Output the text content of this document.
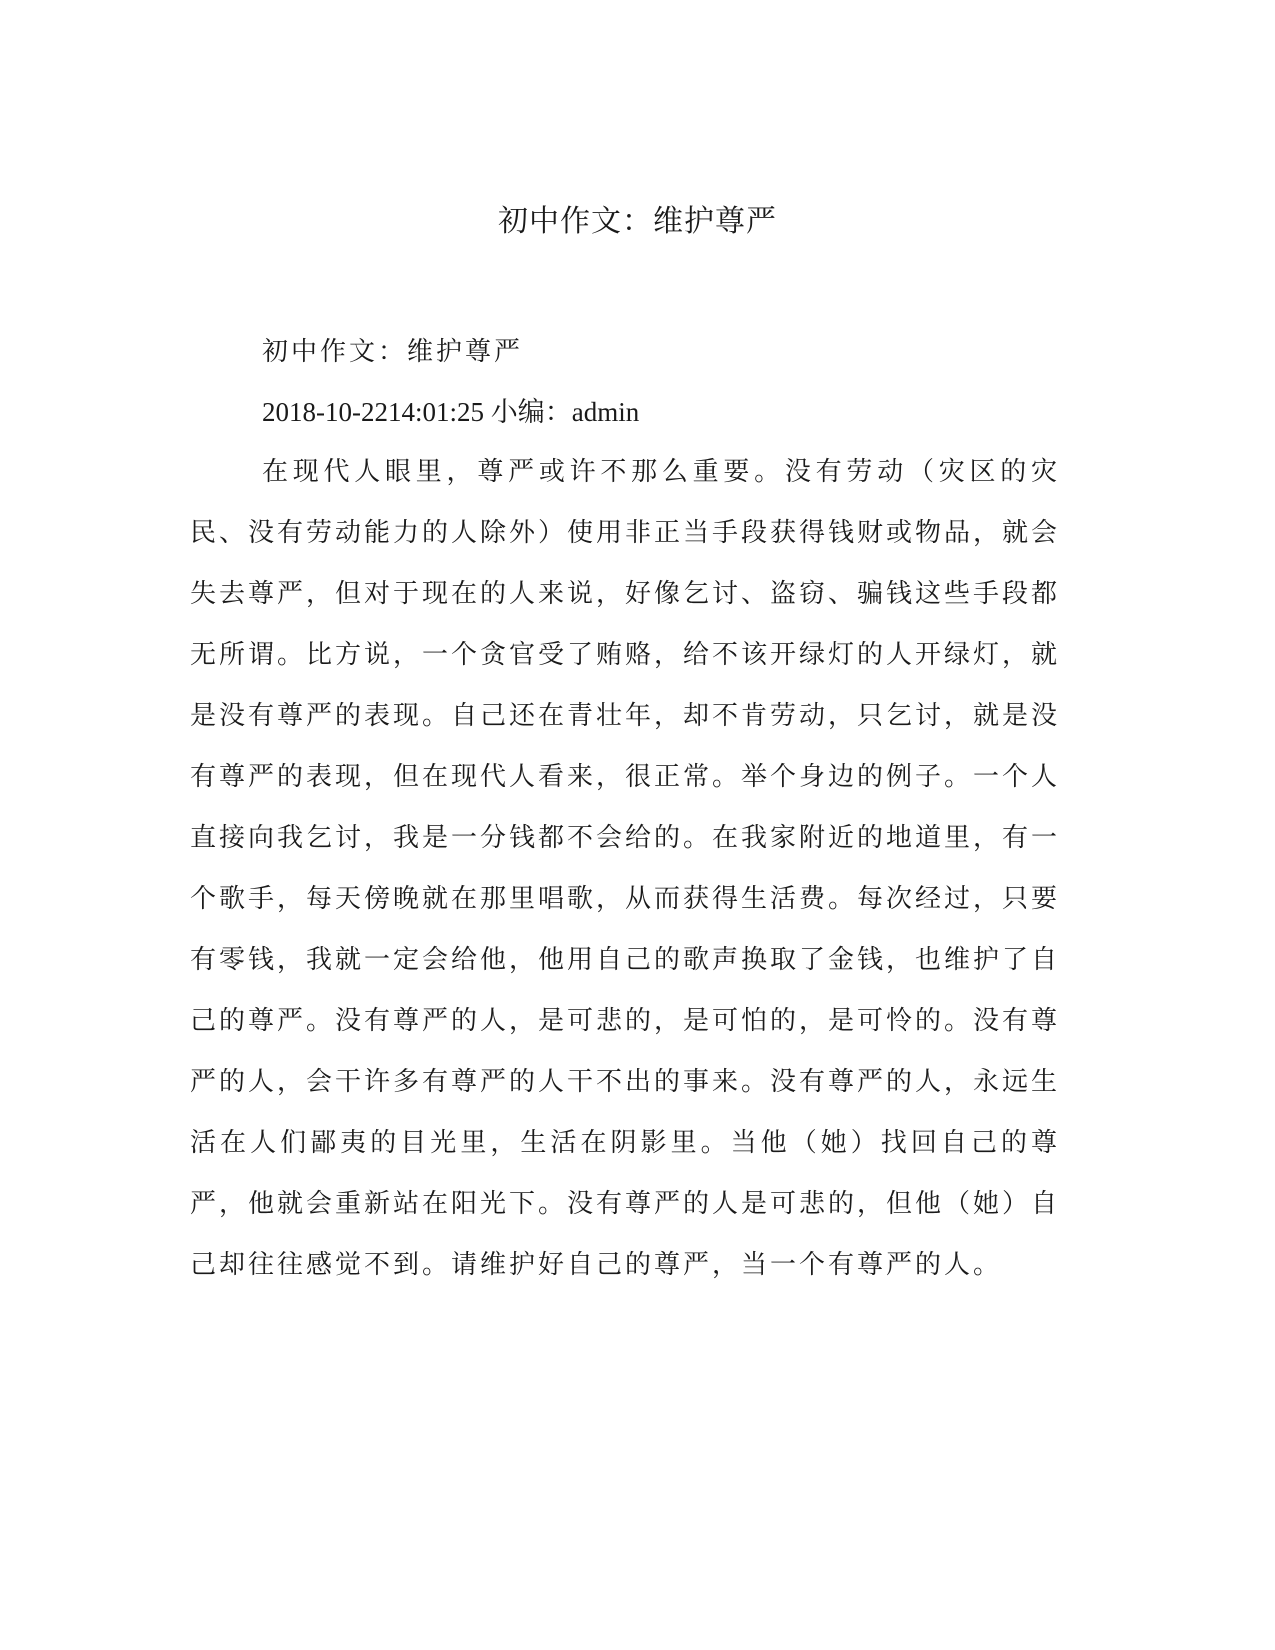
初中作文：维护尊严

初中作文：维护尊严

2018-10-2214:01:25 小编：admin

在现代人眼里，尊严或许不那么重要。没有劳动（灾区的灾民、没有劳动能力的人除外）使用非正当手段获得钱财或物品，就会失去尊严，但对于现在的人来说，好像乞讨、盗窃、骗钱这些手段都无所谓。比方说，一个贪官受了贿赂，给不该开绿灯的人开绿灯，就是没有尊严的表现。自己还在青壮年，却不肯劳动，只乞讨，就是没有尊严的表现，但在现代人看来，很正常。举个身边的例子。一个人直接向我乞讨，我是一分钱都不会给的。在我家附近的地道里，有一个歌手，每天傍晚就在那里唱歌，从而获得生活费。每次经过，只要有零钱，我就一定会给他，他用自己的歌声换取了金钱，也维护了自己的尊严。没有尊严的人，是可悲的，是可怕的，是可怜的。没有尊严的人，会干许多有尊严的人干不出的事来。没有尊严的人，永远生活在人们鄙夷的目光里，生活在阴影里。当他（她）找回自己的尊严，他就会重新站在阳光下。没有尊严的人是可悲的，但他（她）自己却往往感觉不到。请维护好自己的尊严，当一个有尊严的人。
